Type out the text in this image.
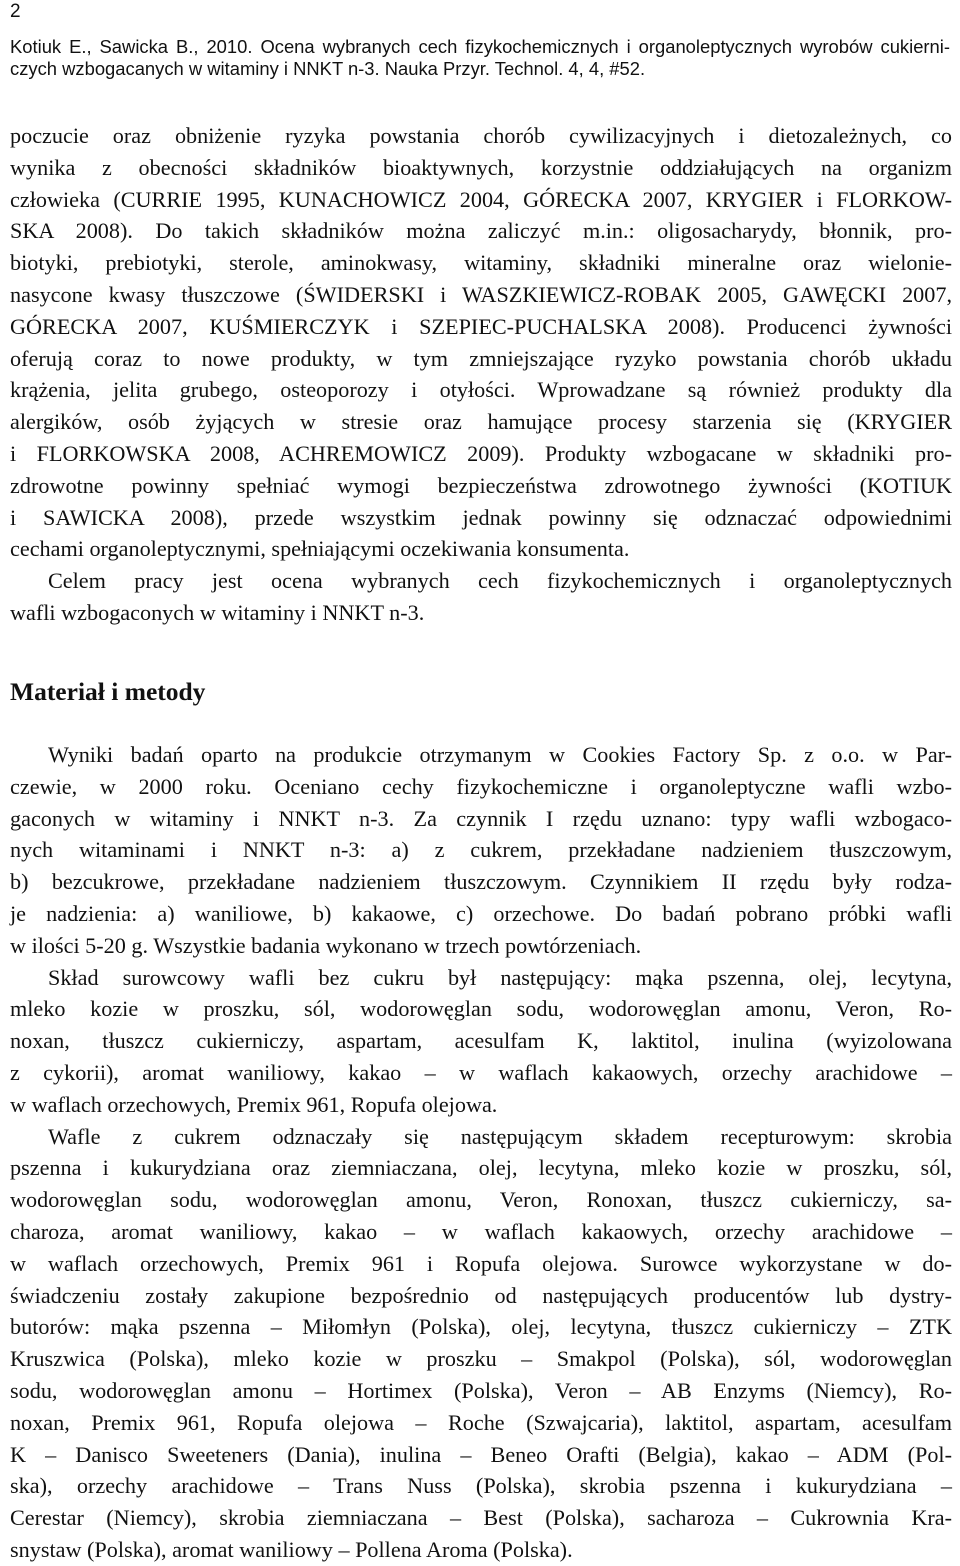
2
Kotiuk E., Sawicka B., 2010. Ocena wybranych cech fizykochemicznych i organoleptycznych wyrobów cukierni-
czych wzbogacanych w witaminy i NNKT n-3. Nauka Przyr. Technol. 4, 4, #52.
poczucie oraz obniżenie ryzyka powstania chorób cywilizacyjnych i dietozależnych, co
wynika z obecności składników bioaktywnych, korzystnie oddziałujących na organizm
człowieka (CURRIE 1995, KUNACHOWICZ 2004, GÓRECKA 2007, KRYGIER i FLORKOW-
SKA 2008). Do takich składników można zaliczyć m.in.: oligosacharydy, błonnik, pro-
biotyki, prebiotyki, sterole, aminokwasy, witaminy, składniki mineralne oraz wielonie-
nasycone kwasy tłuszczowe (ŚWIDERSKI i WASZKIEWICZ-ROBAK 2005, GAWĘCKI 2007,
GÓRECKA 2007, KUŚMIERCZYK i SZEPIEC-PUCHALSKA 2008). Producenci żywności
oferują coraz to nowe produkty, w tym zmniejszające ryzyko powstania chorób układu
krążenia, jelita grubego, osteoporozy i otyłości. Wprowadzane są również produkty dla
alergików, osób żyjących w stresie oraz hamujące procesy starzenia się (KRYGIER
i FLORKOWSKA 2008, ACHREMOWICZ 2009). Produkty wzbogacane w składniki pro-
zdrowotne powinny spełniać wymogi bezpieczeństwa zdrowotnego żywności (KOTIUK
i SAWICKA 2008), przede wszystkim jednak powinny się odznaczać odpowiednimi
cechami organoleptycznymi, spełniającymi oczekiwania konsumenta.
Celem pracy jest ocena wybranych cech fizykochemicznych i organoleptycznych
wafli wzbogaconych w witaminy i NNKT n-3.
Materiał i metody
Wyniki badań oparto na produkcie otrzymanym w Cookies Factory Sp. z o.o. w Par-
czewie, w 2000 roku. Oceniano cechy fizykochemiczne i organoleptyczne wafli wzbo-
gaconych w witaminy i NNKT n-3. Za czynnik I rzędu uznano: typy wafli wzbogaco-
nych witaminami i NNKT n-3: a) z cukrem, przekładane nadzieniem tłuszczowym,
b) bezcukrowe, przekładane nadzieniem tłuszczowym. Czynnikiem II rzędu były rodza-
je nadzienia: a) waniliowe, b) kakaowe, c) orzechowe. Do badań pobrano próbki wafli
w ilości 5-20 g. Wszystkie badania wykonano w trzech powtórzeniach.
Skład surowcowy wafli bez cukru był następujący: mąka pszenna, olej, lecytyna,
mleko kozie w proszku, sól, wodorowęglan sodu, wodorowęglan amonu, Veron, Ro-
noxan, tłuszcz cukierniczy, aspartam, acesulfam K, laktitol, inulina (wyizolowana
z cykorii), aromat waniliowy, kakao – w waflach kakaowych, orzechy arachidowe –
w waflach orzechowych, Premix 961, Ropufa olejowa.
Wafle z cukrem odznaczały się następującym składem recepturowym: skrobia
pszenna i kukurydziana oraz ziemniaczana, olej, lecytyna, mleko kozie w proszku, sól,
wodorowęglan sodu, wodorowęglan amonu, Veron, Ronoxan, tłuszcz cukierniczy, sa-
charoza, aromat waniliowy, kakao – w waflach kakaowych, orzechy arachidowe –
w waflach orzechowych, Premix 961 i Ropufa olejowa. Surowce wykorzystane w do-
świadczeniu zostały zakupione bezpośrednio od następujących producentów lub dystry-
butorów: mąka pszenna – Miłomłyn (Polska), olej, lecytyna, tłuszcz cukierniczy – ZTK
Kruszwica (Polska), mleko kozie w proszku – Smakpol (Polska), sól, wodorowęglan
sodu, wodorowęglan amonu – Hortimex (Polska), Veron – AB Enzyms (Niemcy), Ro-
noxan, Premix 961, Ropufa olejowa – Roche (Szwajcaria), laktitol, aspartam, acesulfam
K – Danisco Sweeteners (Dania), inulina – Beneo Orafti (Belgia), kakao – ADM (Pol-
ska), orzechy arachidowe – Trans Nuss (Polska), skrobia pszenna i kukurydziana –
Cerestar (Niemcy), skrobia ziemniaczana – Best (Polska), sacharoza – Cukrownia Kra-
snystaw (Polska), aromat waniliowy – Pollena Aroma (Polska).
